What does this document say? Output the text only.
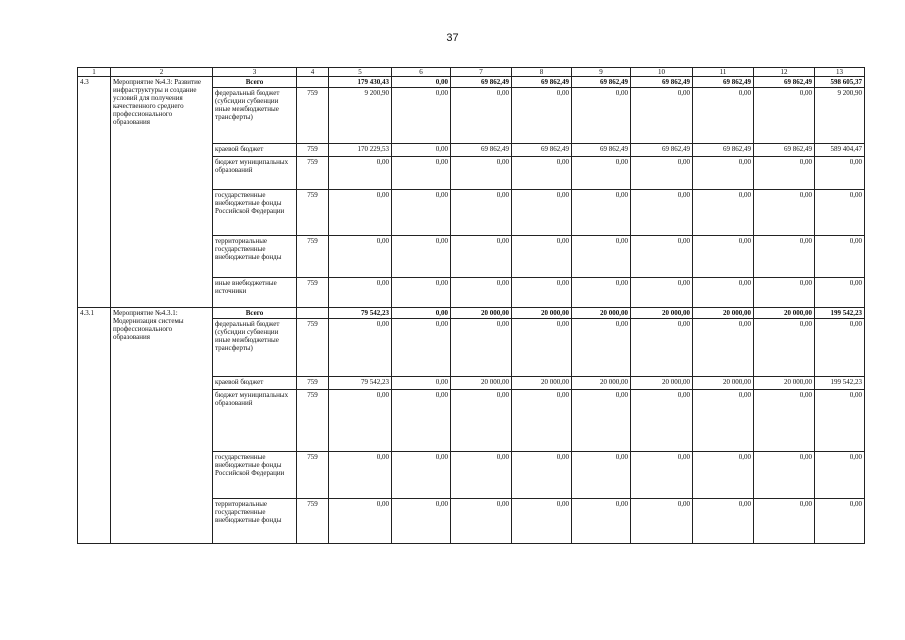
37
1	2	3	4	5	6	7	8	9	10	11	12	13
4.3	Мероприятие №4.3: Развитие инфраструктуры и создание условий для получения качественного среднего профессионального образования	Всего		179 430,43	0,00	69 862,49	69 862,49	69 862,49	69 862,49	69 862,49	69 862,49	598 605,37
		федеральный бюджет (субсидии субвенции иные межбюджетные трансферты)	759	9 200,90	0,00	0,00	0,00	0,00	0,00	0,00	0,00	9 200,90
		краевой бюджет	759	170 229,53	0,00	69 862,49	69 862,49	69 862,49	69 862,49	69 862,49	69 862,49	589 404,47
		бюджет муниципальных образований	759	0,00	0,00	0,00	0,00	0,00	0,00	0,00	0,00	0,00
		государственные внебюджетные фонды Российской Федерации	759	0,00	0,00	0,00	0,00	0,00	0,00	0,00	0,00	0,00
		территориальные государственные внебюджетные фонды	759	0,00	0,00	0,00	0,00	0,00	0,00	0,00	0,00	0,00
		иные внебюджетные источники	759	0,00	0,00	0,00	0,00	0,00	0,00	0,00	0,00	0,00
4.3.1	Мероприятие №4.3.1: Модернизация системы профессионального образования	Всего		79 542,23	0,00	20 000,00	20 000,00	20 000,00	20 000,00	20 000,00	20 000,00	199 542,23
		федеральный бюджет (субсидии субвенции иные межбюджетные трансферты)	759	0,00	0,00	0,00	0,00	0,00	0,00	0,00	0,00	0,00
		краевой бюджет	759	79 542,23	0,00	20 000,00	20 000,00	20 000,00	20 000,00	20 000,00	20 000,00	199 542,23
		бюджет муниципальных образований	759	0,00	0,00	0,00	0,00	0,00	0,00	0,00	0,00	0,00
		государственные внебюджетные фонды Российской Федерации	759	0,00	0,00	0,00	0,00	0,00	0,00	0,00	0,00	0,00
		территориальные государственные внебюджетные фонды	759	0,00	0,00	0,00	0,00	0,00	0,00	0,00	0,00	0,00
